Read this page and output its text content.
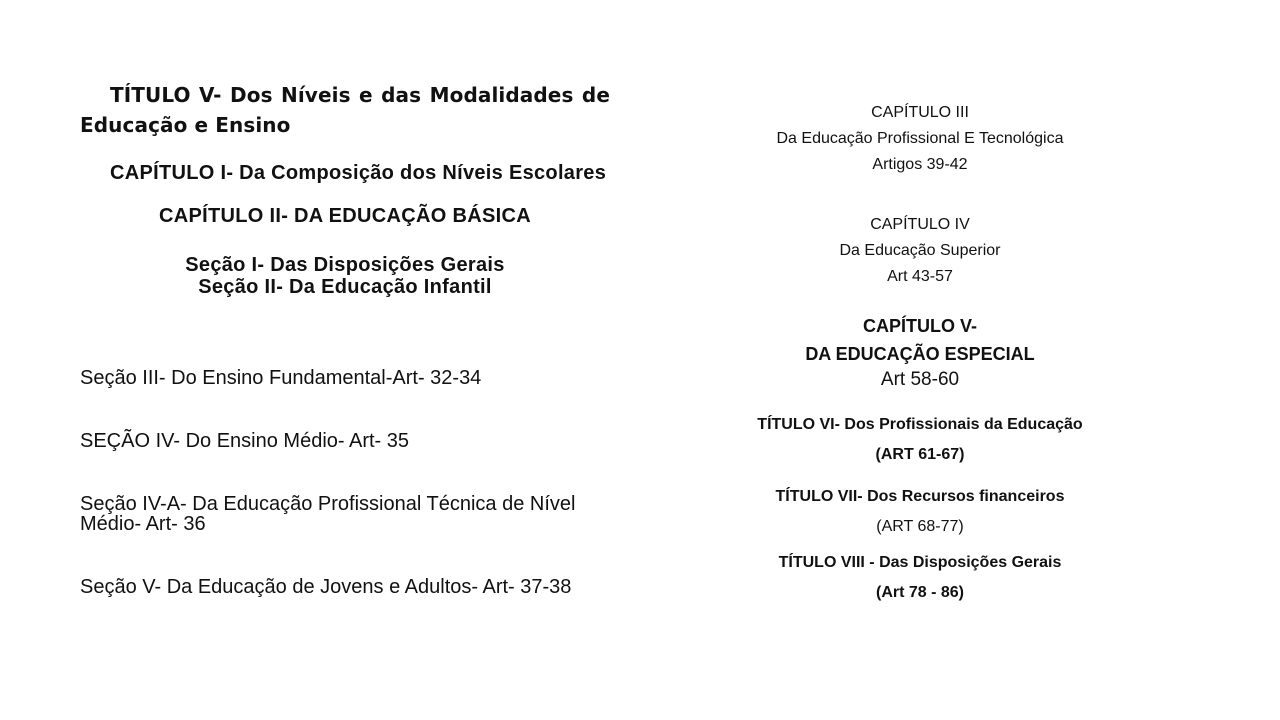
TÍTULO V- Dos Níveis e das Modalidades de Educação e Ensino

CAPÍTULO I- Da Composição dos Níveis Escolares

CAPÍTULO II- DA EDUCAÇÃO BÁSICA

Seção I- Das Disposições Gerais

Seção II- Da Educação Infantil

Seção III- Do Ensino Fundamental-Art- 32-34

SEÇÃO IV- Do Ensino Médio- Art- 35

Seção IV-A- Da Educação Profissional Técnica de Nível Médio- Art- 36

Seção V- Da Educação de Jovens e Adultos- Art- 37-38

CAPÍTULO III

Da Educação Profissional E Tecnológica

Artigos 39-42

CAPÍTULO IV

Da Educação Superior

Art 43-57

CAPÍTULO V-

DA EDUCAÇÃO ESPECIAL

Art 58-60

TÍTULO VI- Dos Profissionais da Educação

(ART 61-67)

TÍTULO VII- Dos Recursos financeiros

(ART 68-77)

TÍTULO VIII - Das Disposições Gerais

(Art 78 - 86)
